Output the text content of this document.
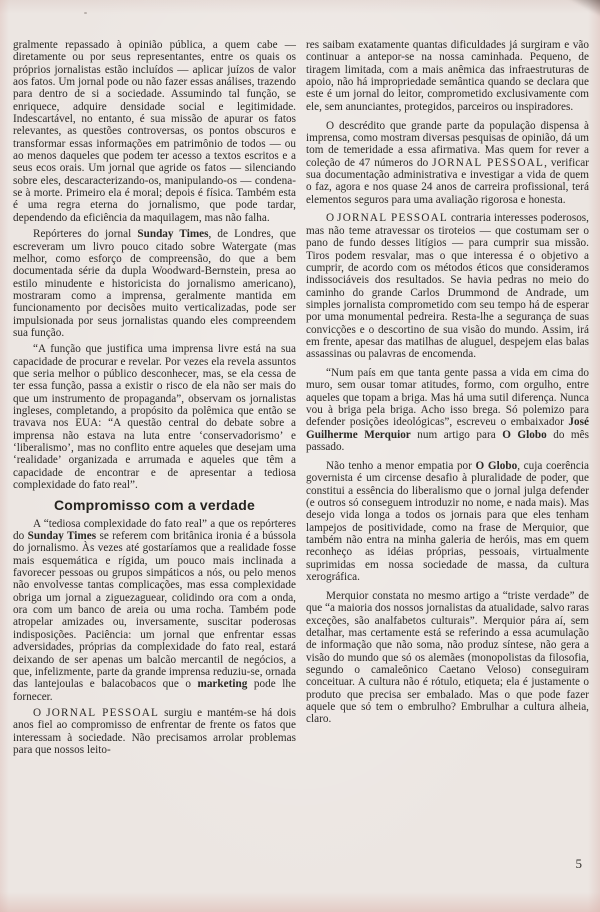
gralmente repassado à opinião pública, a quem cabe — diretamente ou por seus representantes, entre os quais os próprios jornalistas estão incluídos — aplicar juízos de valor aos fatos. Um jornal pode ou não fazer essas análises, trazendo para dentro de si a sociedade. Assumindo tal função, se enriquece, adquire densidade social e legitimidade. Indescartável, no entanto, é sua missão de apurar os fatos relevantes, as questões controversas, os pontos obscuros e transformar essas informações em patrimônio de todos — ou ao menos daqueles que podem ter acesso a textos escritos e a seus ecos orais. Um jornal que agride os fatos — silenciando sobre eles, descaracterizando-os, manipulando-os — condena-se à morte. Primeiro ela é moral; depois é física. Também esta é uma regra eterna do jornalismo, que pode tardar, dependendo da eficiência da maquilagem, mas não falha.

Repórteres do jornal Sunday Times, de Londres, que escreveram um livro pouco citado sobre Watergate (mas melhor, como esforço de compreensão, do que a bem documentada série da dupla Woodward-Bernstein, presa ao estilo minudente e historicista do jornalismo americano), mostraram como a imprensa, geralmente mantida em funcionamento por decisões muito verticalizadas, pode ser impulsionada por seus jornalistas quando eles compreendem sua função.

“A função que justifica uma imprensa livre está na sua capacidade de procurar e revelar. Por vezes ela revela assuntos que seria melhor o público desconhecer, mas, se ela cessa de ter essa função, passa a existir o risco de ela não ser mais do que um instrumento de propaganda”, observam os jornalistas ingleses, completando, a propósito da polêmica que então se travava nos EUA: “A questão central do debate sobre a imprensa não estava na luta entre ‘conservadorismo’ e ‘liberalismo’, mas no conflito entre aqueles que desejam uma ‘realidade’ organizada e arrumada e aqueles que têm a capacidade de encontrar e de apresentar a tediosa complexidade do fato real”.

Compromisso com a verdade

A “tediosa complexidade do fato real” a que os repórteres do Sunday Times se referem com britânica ironia é a bússola do jornalismo. Às vezes até gostaríamos que a realidade fosse mais esquemática e rígida, um pouco mais inclinada a favorecer pessoas ou grupos simpáticos a nós, ou pelo menos não envolvesse tantas complicações, mas essa complexidade obriga um jornal a ziguezaguear, colidindo ora com a onda, ora com um banco de areia ou uma rocha. Também pode atropelar amizades ou, inversamente, suscitar poderosas indisposições. Paciência: um jornal que enfrentar essas adversidades, próprias da complexidade do fato real, estará deixando de ser apenas um balcão mercantil de negócios, a que, infelizmente, parte da grande imprensa reduziu-se, ornada das lantejoulas e balacobacos que o marketing pode lhe fornecer.

O JORNAL PESSOAL surgiu e mantém-se há dois anos fiel ao compromisso de enfrentar de frente os fatos que interessam à sociedade. Não precisamos arrolar problemas para que nossos leito-

res saibam exatamente quantas dificuldades já surgiram e vão continuar a antepor-se na nossa caminhada. Pequeno, de tiragem limitada, com a mais anêmica das infraestruturas de apoio, não há impropriedade semântica quando se declara que este é um jornal do leitor, comprometido exclusivamente com ele, sem anunciantes, protegidos, parceiros ou inspiradores.

O descrédito que grande parte da população dispensa à imprensa, como mostram diversas pesquisas de opinião, dá um tom de temeridade a essa afirmativa. Mas quem for rever a coleção de 47 números do JORNAL PESSOAL, verificar sua documentação administrativa e investigar a vida de quem o faz, agora e nos quase 24 anos de carreira profissional, terá elementos seguros para uma avaliação rigorosa e honesta.

O JORNAL PESSOAL contraria interesses poderosos, mas não teme atravessar os tiroteios — que costumam ser o pano de fundo desses litígios — para cumprir sua missão. Tiros podem resvalar, mas o que interessa é o objetivo a cumprir, de acordo com os métodos éticos que consideramos indissociáveis dos resultados. Se havia pedras no meio do caminho do grande Carlos Drummond de Andrade, um simples jornalista comprometido com seu tempo há de esperar por uma monumental pedreira. Resta-lhe a segurança de suas convicções e o descortino de sua visão do mundo. Assim, irá em frente, apesar das matilhas de aluguel, despejem elas balas assassinas ou palavras de encomenda.

“Num país em que tanta gente passa a vida em cima do muro, sem ousar tomar atitudes, formo, com orgulho, entre aqueles que topam a briga. Mas há uma sutil diferença. Nunca vou à briga pela briga. Acho isso brega. Só polemizo para defender posições ideológicas”, escreveu o embaixador José Guilherme Merquior num artigo para O Globo do mês passado.

Não tenho a menor empatia por O Globo, cuja coerência governista é um circense desafio à pluralidade de poder, que constitui a essência do liberalismo que o jornal julga defender (e outros só conseguem introduzir no nome, e nada mais). Mas desejo vida longa a todos os jornais para que eles tenham lampejos de positividade, como na frase de Merquior, que também não entra na minha galeria de heróis, mas em quem reconheço as idéias próprias, pessoais, virtualmente suprimidas em nossa sociedade de massa, da cultura xerográfica.

Merquior constata no mesmo artigo a “triste verdade” de que “a maioria dos nossos jornalistas da atualidade, salvo raras exceções, são analfabetos culturais”. Merquior pára aí, sem detalhar, mas certamente está se referindo a essa acumulação de informação que não soma, não produz síntese, não gera a visão do mundo que só os alemães (monopolistas da filosofia, segundo o camaleônico Caetano Veloso) conseguiram conceituar. A cultura não é rótulo, etiqueta; ela é justamente o produto que precisa ser embalado. Mas o que pode fazer aquele que só tem o embrulho? Embrulhar a cultura alheia, claro.

5
